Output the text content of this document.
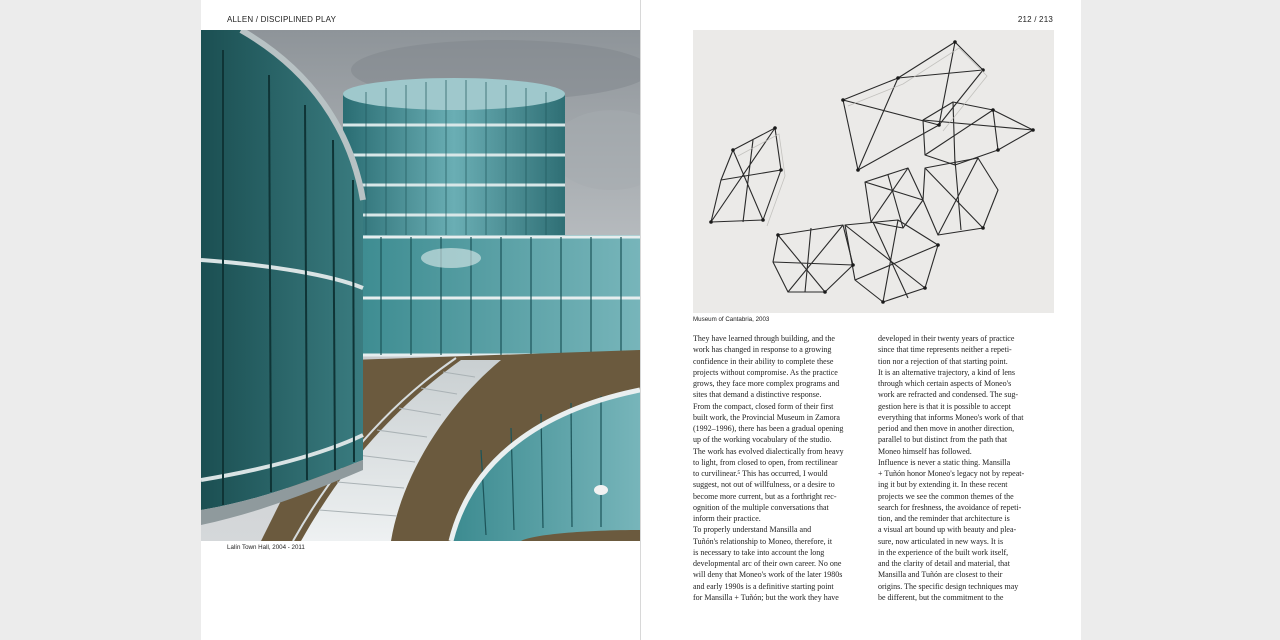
ALLEN / DISCIPLINED PLAY
Lalín Town Hall, 2004 - 2011
212 / 213
Museum of Cantabria, 2003
They have learned through building, and the
work has changed in response to a growing
confidence in their ability to complete these
projects without compromise. As the practice
grows, they face more complex programs and
sites that demand a distinctive response.
From the compact, closed form of their first
built work, the Provincial Museum in Zamora
(1992–1996), there has been a gradual opening
up of the working vocabulary of the studio.
The work has evolved dialectically from heavy
to light, from closed to open, from rectilinear
to curvilinear.⁵ This has occurred, I would
suggest, not out of willfulness, or a desire to
become more current, but as a forthright rec-
ognition of the multiple conversations that
inform their practice.
To properly understand Mansilla and
Tuñón's relationship to Moneo, therefore, it
is necessary to take into account the long
developmental arc of their own career. No one
will deny that Moneo's work of the later 1980s
and early 1990s is a definitive starting point
for Mansilla + Tuñón; but the work they have
developed in their twenty years of practice
since that time represents neither a repeti-
tion nor a rejection of that starting point.
It is an alternative trajectory, a kind of lens
through which certain aspects of Moneo's
work are refracted and condensed. The sug-
gestion here is that it is possible to accept
everything that informs Moneo's work of that
period and then move in another direction,
parallel to but distinct from the path that
Moneo himself has followed.
Influence is never a static thing. Mansilla
+ Tuñón honor Moneo's legacy not by repeat-
ing it but by extending it. In these recent
projects we see the common themes of the
search for freshness, the avoidance of repeti-
tion, and the reminder that architecture is
a visual art bound up with beauty and plea-
sure, now articulated in new ways. It is
in the experience of the built work itself,
and the clarity of detail and material, that
Mansilla and Tuñón are closest to their
origins. The specific design techniques may
be different, but the commitment to the
